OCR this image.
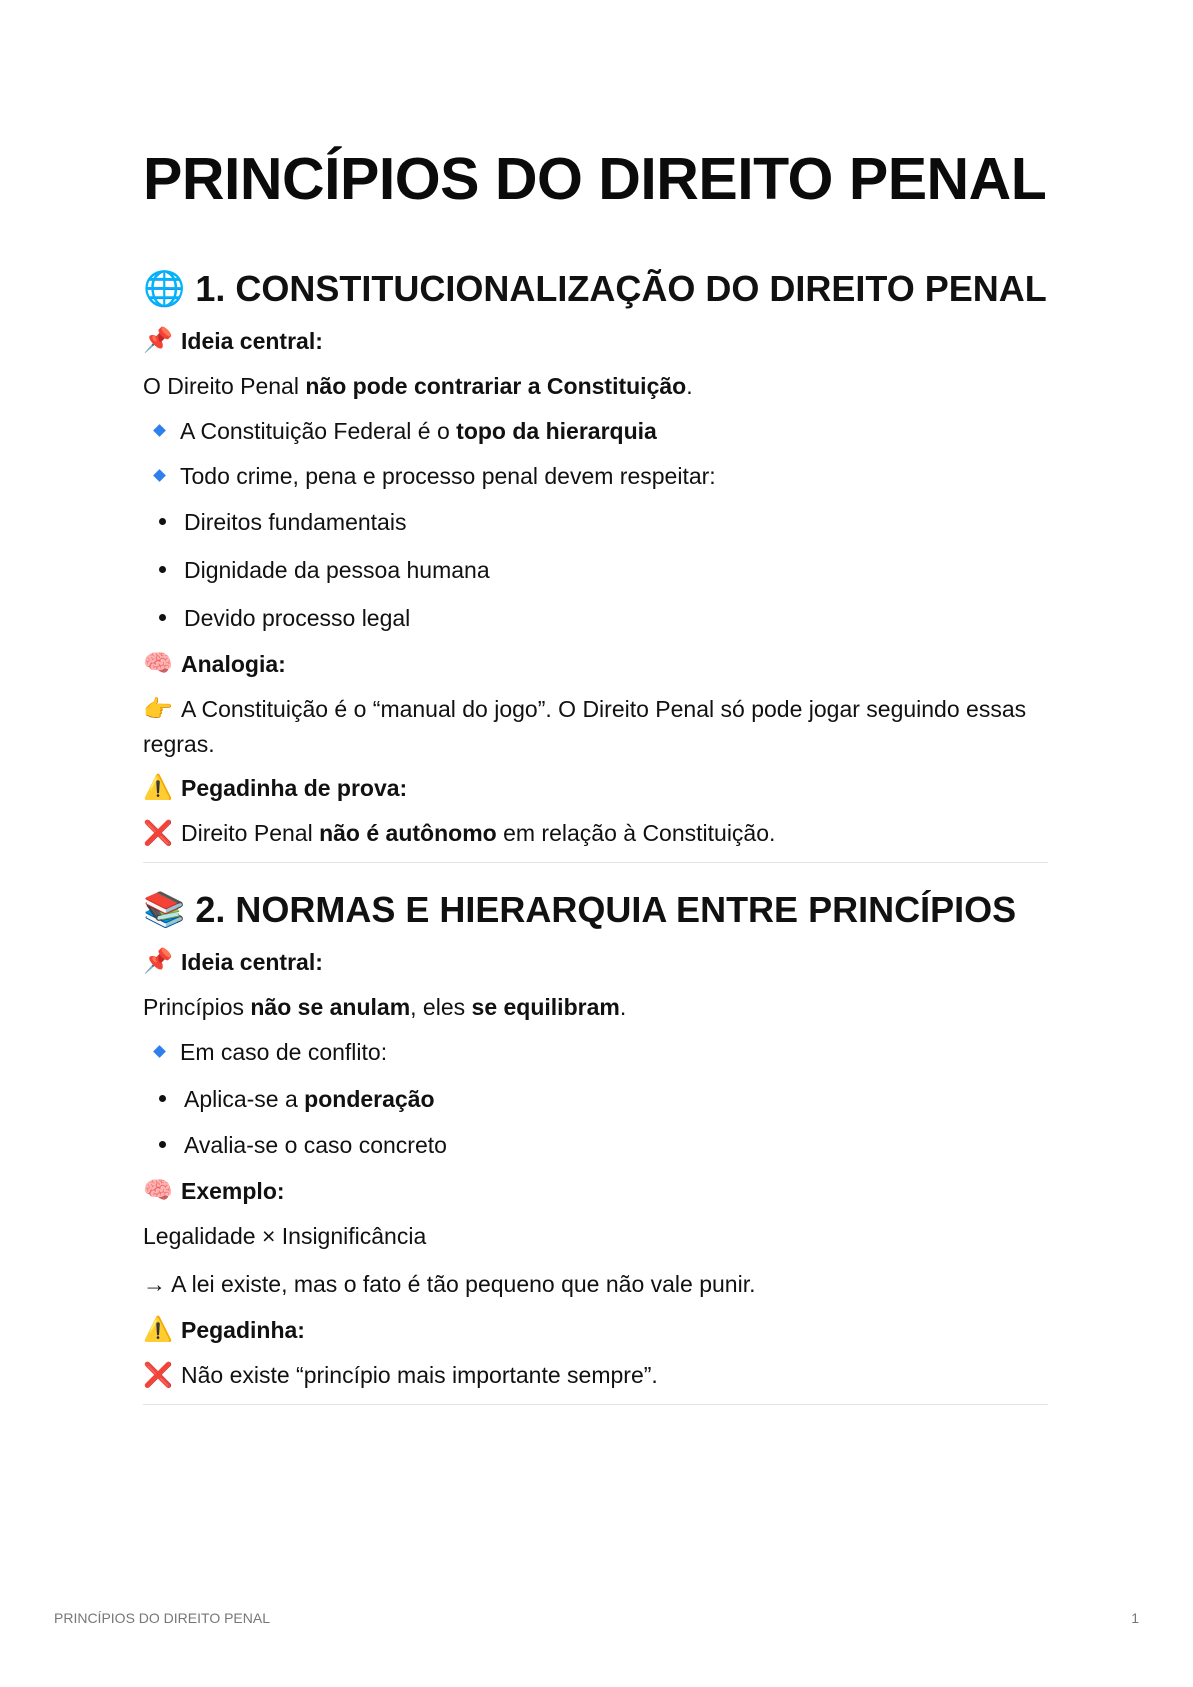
PRINCÍPIOS DO DIREITO PENAL
🌐 1. CONSTITUCIONALIZAÇÃO DO DIREITO PENAL

📌 Ideia central:

O Direito Penal não pode contrariar a Constituição.

A Constituição Federal é o topo da hierarquia

Todo crime, pena e processo penal devem respeitar:

Direitos fundamentais

Dignidade da pessoa humana

Devido processo legal

🧠 Analogia:

👉 A Constituição é o “manual do jogo”. O Direito Penal só pode jogar seguindo essas regras.

⚠️ Pegadinha de prova:

❌ Direito Penal não é autônomo em relação à Constituição.

📚 2. NORMAS E HIERARQUIA ENTRE PRINCÍPIOS

📌 Ideia central:

Princípios não se anulam, eles se equilibram.

Em caso de conflito:

Aplica-se a ponderação

Avalia-se o caso concreto

🧠 Exemplo:

Legalidade × Insignificância

→ A lei existe, mas o fato é tão pequeno que não vale punir.

⚠️ Pegadinha:

❌ Não existe “princípio mais importante sempre”.

PRINCÍPIOS DO DIREITO PENAL	1
